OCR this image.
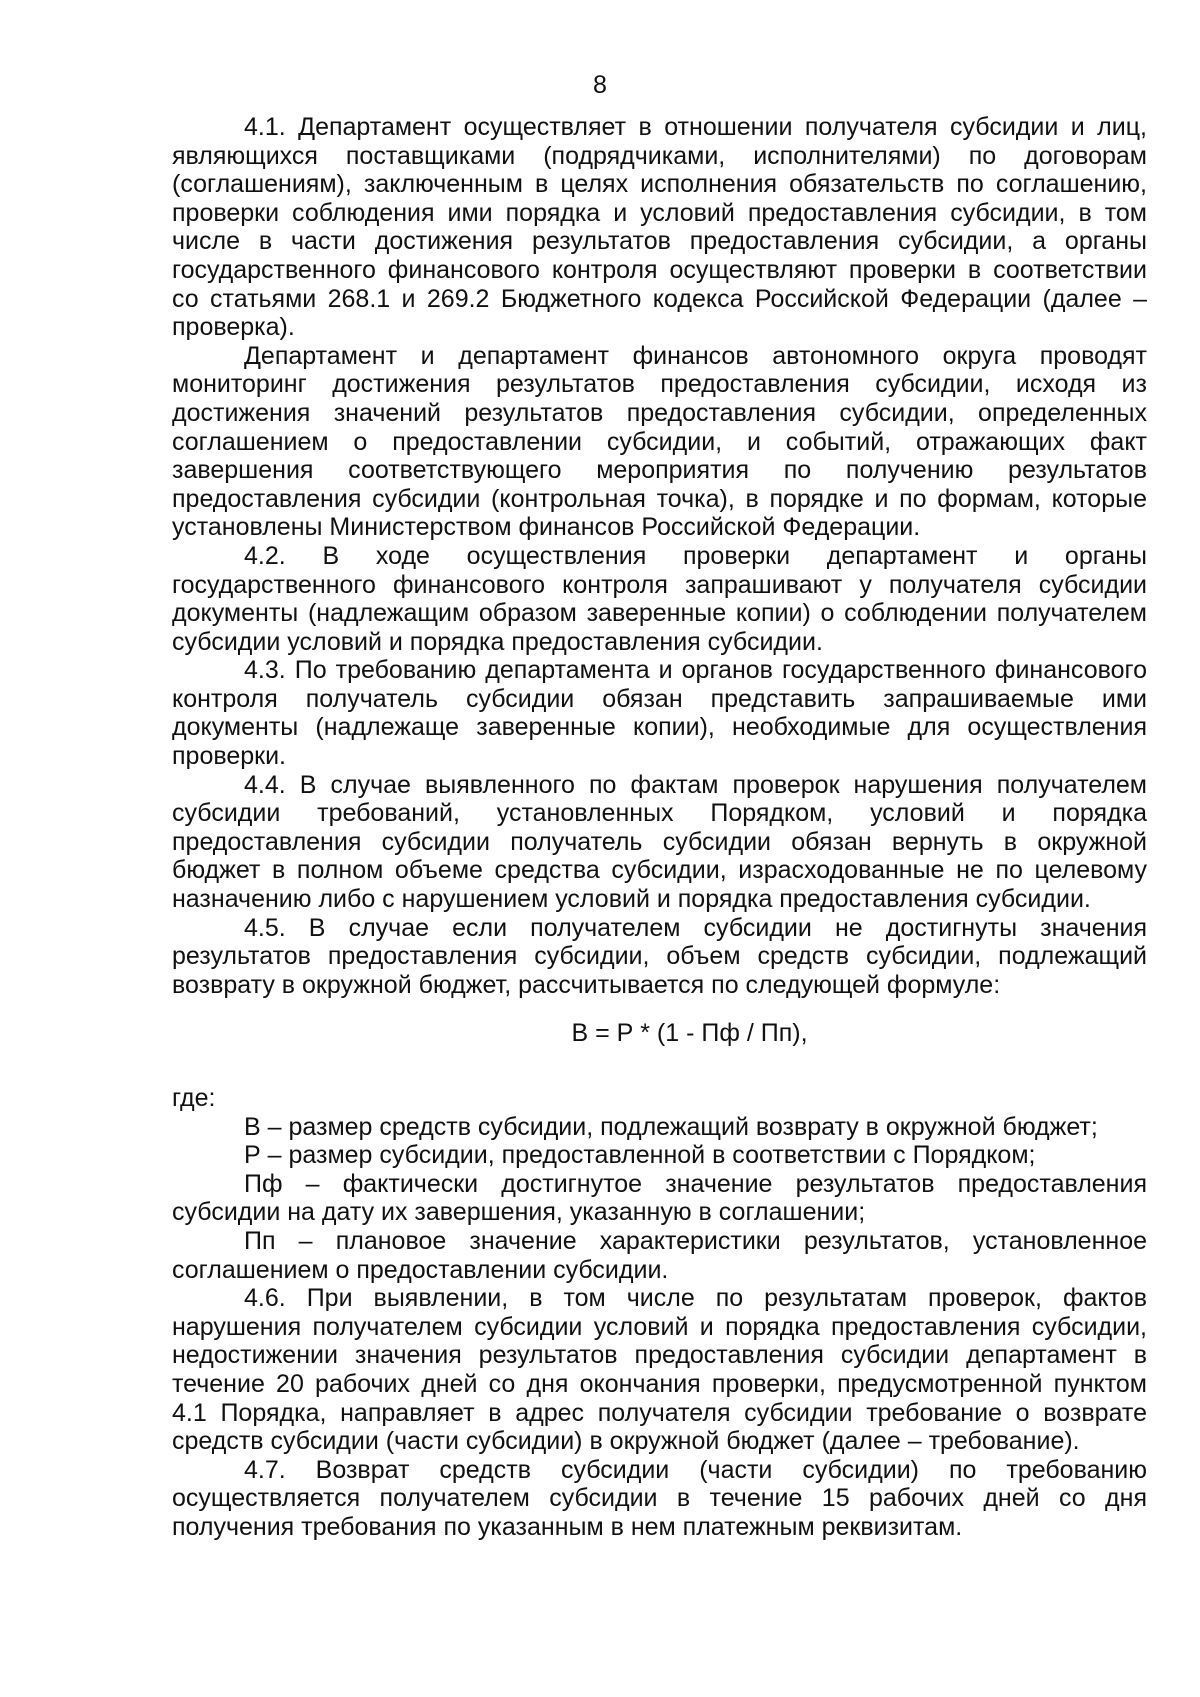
8

4.1. Департамент осуществляет в отношении получателя субсидии и лиц, являющихся поставщиками (подрядчиками, исполнителями) по договорам (соглашениям), заключенным в целях исполнения обязательств по соглашению, проверки соблюдения ими порядка и условий предоставления субсидии, в том числе в части достижения результатов предоставления субсидии, а органы государственного финансового контроля осуществляют проверки в соответствии со статьями 268.1 и 269.2 Бюджетного кодекса Российской Федерации (далее – проверка).

Департамент и департамент финансов автономного округа проводят мониторинг достижения результатов предоставления субсидии, исходя из достижения значений результатов предоставления субсидии, определенных соглашением о предоставлении субсидии, и событий, отражающих факт завершения соответствующего мероприятия по получению результатов предоставления субсидии (контрольная точка), в порядке и по формам, которые установлены Министерством финансов Российской Федерации.

4.2. В ходе осуществления проверки департамент и органы государственного финансового контроля запрашивают у получателя субсидии документы (надлежащим образом заверенные копии) о соблюдении получателем субсидии условий и порядка предоставления субсидии.

4.3. По требованию департамента и органов государственного финансового контроля получатель субсидии обязан представить запрашиваемые ими документы (надлежаще заверенные копии), необходимые для осуществления проверки.

4.4. В случае выявленного по фактам проверок нарушения получателем субсидии требований, установленных Порядком, условий и порядка предоставления субсидии получатель субсидии обязан вернуть в окружной бюджет в полном объеме средства субсидии, израсходованные не по целевому назначению либо с нарушением условий и порядка предоставления субсидии.

4.5. В случае если получателем субсидии не достигнуты значения результатов предоставления субсидии, объем средств субсидии, подлежащий возврату в окружной бюджет, рассчитывается по следующей формуле:

В = Р * (1 - Пф / Пп),

где:

В – размер средств субсидии, подлежащий возврату в окружной бюджет;

Р – размер субсидии, предоставленной в соответствии с Порядком;

Пф – фактически достигнутое значение результатов предоставления субсидии на дату их завершения, указанную в соглашении;

Пп – плановое значение характеристики результатов, установленное соглашением о предоставлении субсидии.

4.6. При выявлении, в том числе по результатам проверок, фактов нарушения получателем субсидии условий и порядка предоставления субсидии, недостижении значения результатов предоставления субсидии департамент в течение 20 рабочих дней со дня окончания проверки, предусмотренной пунктом 4.1 Порядка, направляет в адрес получателя субсидии требование о возврате средств субсидии (части субсидии) в окружной бюджет (далее – требование).

4.7. Возврат средств субсидии (части субсидии) по требованию осуществляется получателем субсидии в течение 15 рабочих дней со дня получения требования по указанным в нем платежным реквизитам.
